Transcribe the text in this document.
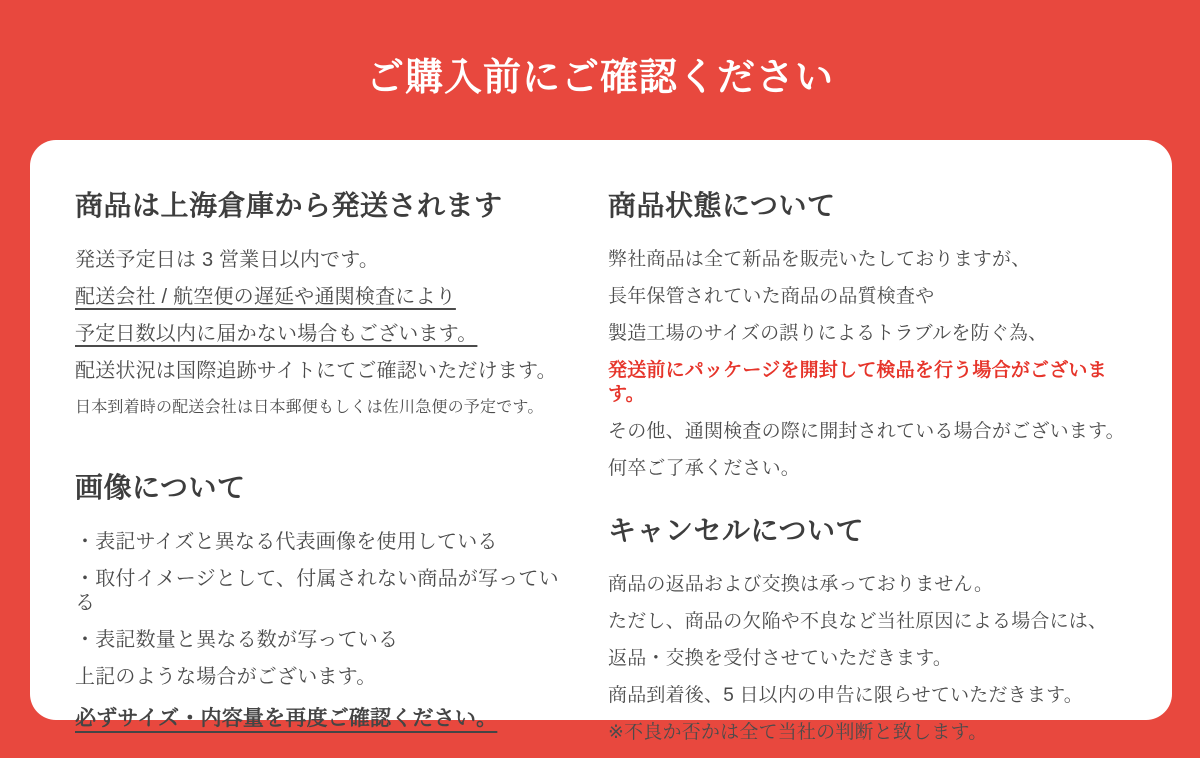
ご購入前にご確認ください
商品は上海倉庫から発送されます

発送予定日は 3 営業日以内です。

配送会社 / 航空便の遅延や通関検査により

予定日数以内に届かない場合もございます。

配送状況は国際追跡サイトにてご確認いただけます。

日本到着時の配送会社は日本郵便もしくは佐川急便の予定です。

画像について

・表記サイズと異なる代表画像を使用している

・取付イメージとして、付属されない商品が写っている

・表記数量と異なる数が写っている

上記のような場合がございます。

必ずサイズ・内容量を再度ご確認ください。

商品状態について

弊社商品は全て新品を販売いたしておりますが、

長年保管されていた商品の品質検査や

製造工場のサイズの誤りによるトラブルを防ぐ為、

発送前にパッケージを開封して検品を行う場合がございます。

その他、通関検査の際に開封されている場合がございます。

何卒ご了承ください。

キャンセルについて

商品の返品および交換は承っておりません。

ただし、商品の欠陥や不良など当社原因による場合には、

返品・交換を受付させていただきます。

商品到着後、5 日以内の申告に限らせていただきます。

※不良か否かは全て当社の判断と致します。
